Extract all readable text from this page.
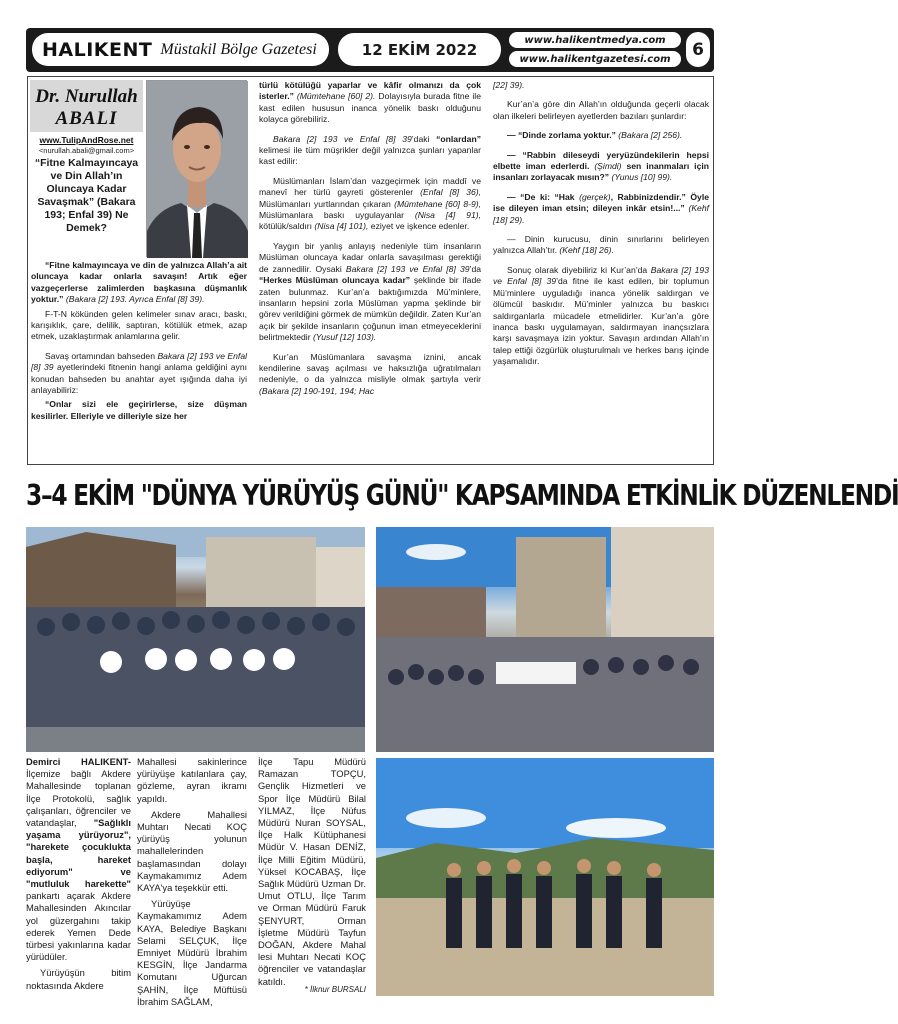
HALIKENT Müstakil Bölge Gazetesi	12 EKİM 2022
www.halikentmedya.com
www.halikentgazetesi.com	6
Dr. Nurullah
ABALI
www.TulipAndRose.net
<nurullah.abali@gmail.com>
“Fitne Kalmayıncaya ve Din Allah’ın Oluncaya Kadar Savaşmak” (Bakara 193; Enfal 39) Ne Demek?

“Fitne kalmayıncaya ve din de yalnızca Allah’a ait oluncaya kadar onlarla savaşın! Artık eğer vazgeçerlerse zalimlerden başkasına düşmanlık yoktur.” (Bakara [2] 193. Ayrıca Enfal [8] 39).

F-T-N kökünden gelen kelimeler sınav aracı, baskı, karışıklık, çare, delilik, saptıran, kötülük etmek, azap etmek, uzaklaştırmak anlamlarına gelir.

Savaş ortamından bahseden Bakara [2] 193 ve Enfal [8] 39 ayetlerindeki fitnenin hangi anlama geldiğini aynı konudan bahseden bu anahtar ayet ışığında daha iyi anlayabiliriz:

“Onlar sizi ele geçirirlerse, size düşman kesilirler. Elleriyle ve dilleriyle size her

türlü kötülüğü yaparlar ve kâfir olmanızı da çok isterler.” (Mümtehane [60] 2). Dolayısıyla burada fitne ile kast edilen hususun inanca yönelik baskı olduğunu kolayca görebiliriz.

Bakara [2] 193 ve Enfal [8] 39’daki “onlardan” kelimesi ile tüm müşrikler değil yalnızca şunları yapanlar kast edilir:

Müslümanları İslam’dan vazgeçirmek için maddî ve manevî her türlü gayreti gösterenler (Enfal [8] 36), Müslümanları yurtlarından çıkaran (Mümtehane [60] 8-9), Müslümanlara baskı uygulayanlar (Nisa [4] 91), kötülük/saldırı (Nisa [4] 101), eziyet ve işkence edenler.

Yaygın bir yanlış anlayış nedeniyle tüm insanların Müslüman oluncaya kadar onlarla savaşılması gerektiği de zannedilir. Oysaki Bakara [2] 193 ve Enfal [8] 39’da “Herkes Müslüman oluncaya kadar” şeklinde bir ifade zaten bulunmaz. Kur’an’a baktığımızda Mü’minlere, insanların hepsini zorla Müslüman yapma şeklinde bir görev verildiğini görmek de mümkün değildir. Zaten Kur’an açık bir şekilde insanların çoğunun iman etmeyeceklerini belirtmektedir (Yusuf [12] 103).

Kur’an Müslümanlara savaşma iznini, ancak kendilerine savaş açılması ve haksızlığa uğratılmaları nedeniyle, o da yalnızca misliyle olmak şartıyla verir (Bakara [2] 190-191, 194; Hac

[22] 39).

Kur’an’a göre din Allah’ın olduğunda geçerli olacak olan ilkeleri belirleyen ayetlerden bazıları şunlardır:

— “Dinde zorlama yoktur.” (Bakara [2] 256).

— “Rabbin dileseydi yeryüzündekilerin hepsi elbette iman ederlerdi. (Şimdi) sen inanmaları için insanları zorlayacak mısın?” (Yunus [10] 99).

— “De ki: “Hak (gerçek), Rabbinizdendir.” Öyle ise dileyen iman etsin; dileyen inkâr etsin!...” (Kehf [18] 29).

— Dinin kurucusu, dinin sınırlarını belirleyen yalnızca Allah’tır. (Kehf [18] 26).

Sonuç olarak diyebiliriz ki Kur’an’da Bakara [2] 193 ve Enfal [8] 39’da fitne ile kast edilen, bir toplumun Mü’minlere uyguladığı inanca yönelik saldırgan ve ölümcül baskıdır. Mü’minler yalnızca bu baskıcı saldırganlarla mücadele etmelidirler. Kur’an’a göre inanca baskı uygulamayan, saldırmayan inançsızlara karşı savaşmaya izin yoktur. Savaşın ardından Allah’ın talep ettiği özgürlük oluşturulmalı ve herkes barış içinde yaşamalıdır.

3–4 EKİM "DÜNYA YÜRÜYÜŞ GÜNÜ" KAPSAMINDA ETKİNLİK DÜZENLENDİ

Demirci HALIKENT- İlçemize bağlı Akdere Mahallesinde toplanan İlçe Protokolü, sağlık çalışanları, öğrenciler ve vatandaşlar, "Sağlıklı yaşama yürüyoruz", "harekete çocuklukta başla, hareket ediyorum" ve "mutluluk harekette" pankartı açarak Akdere Mahallesinden Akıncılar yol güzergahını takip ederek Yemen Dede türbesi yakınlarına kadar yürüdüler.

Yürüyüşün bitim noktasında Akdere

Mahallesi sakinlerince yürüyüşe katılanlara çay, gözleme, ayran ikramı yapıldı.

Akdere Mahallesi Muhtarı Necati KOÇ yürüyüş yolunun mahallelerinden başlamasından dolayı Kaymakamımız Adem KAYA'ya teşekkür etti.

Yürüyüşe Kaymakamımız Adem KAYA, Belediye Başkanı Selami SELÇUK, İlçe Emniyet Müdürü İbrahim KESGİN, İlçe Jandarma Komutanı Uğurcan ŞAHİN, İlçe Müftüsü İbrahim SAĞLAM,

İlçe Tapu Müdürü Ramazan TOPÇU, Gençlik Hizmetleri ve Spor İlçe Müdürü Bilal YILMAZ, İlçe Nüfus Müdürü Nuran SOYSAL, İlçe Halk Kütüphanesi Müdür V. Hasan DENİZ, İlçe Milli Eğitim Müdürü, Yüksel KOCABAŞ, İlçe Sağlık Müdürü Uzman Dr. Umut OTLU, İlçe Tarım ve Orman Müdürü Faruk ŞENYURT, Orman İşletme Müdürü Tayfun DOĞAN, Akdere Mahal lesi Muhtarı Necati KOÇ öğrenciler ve vatandaşlar katıldı.

* İlknur BURSALI
